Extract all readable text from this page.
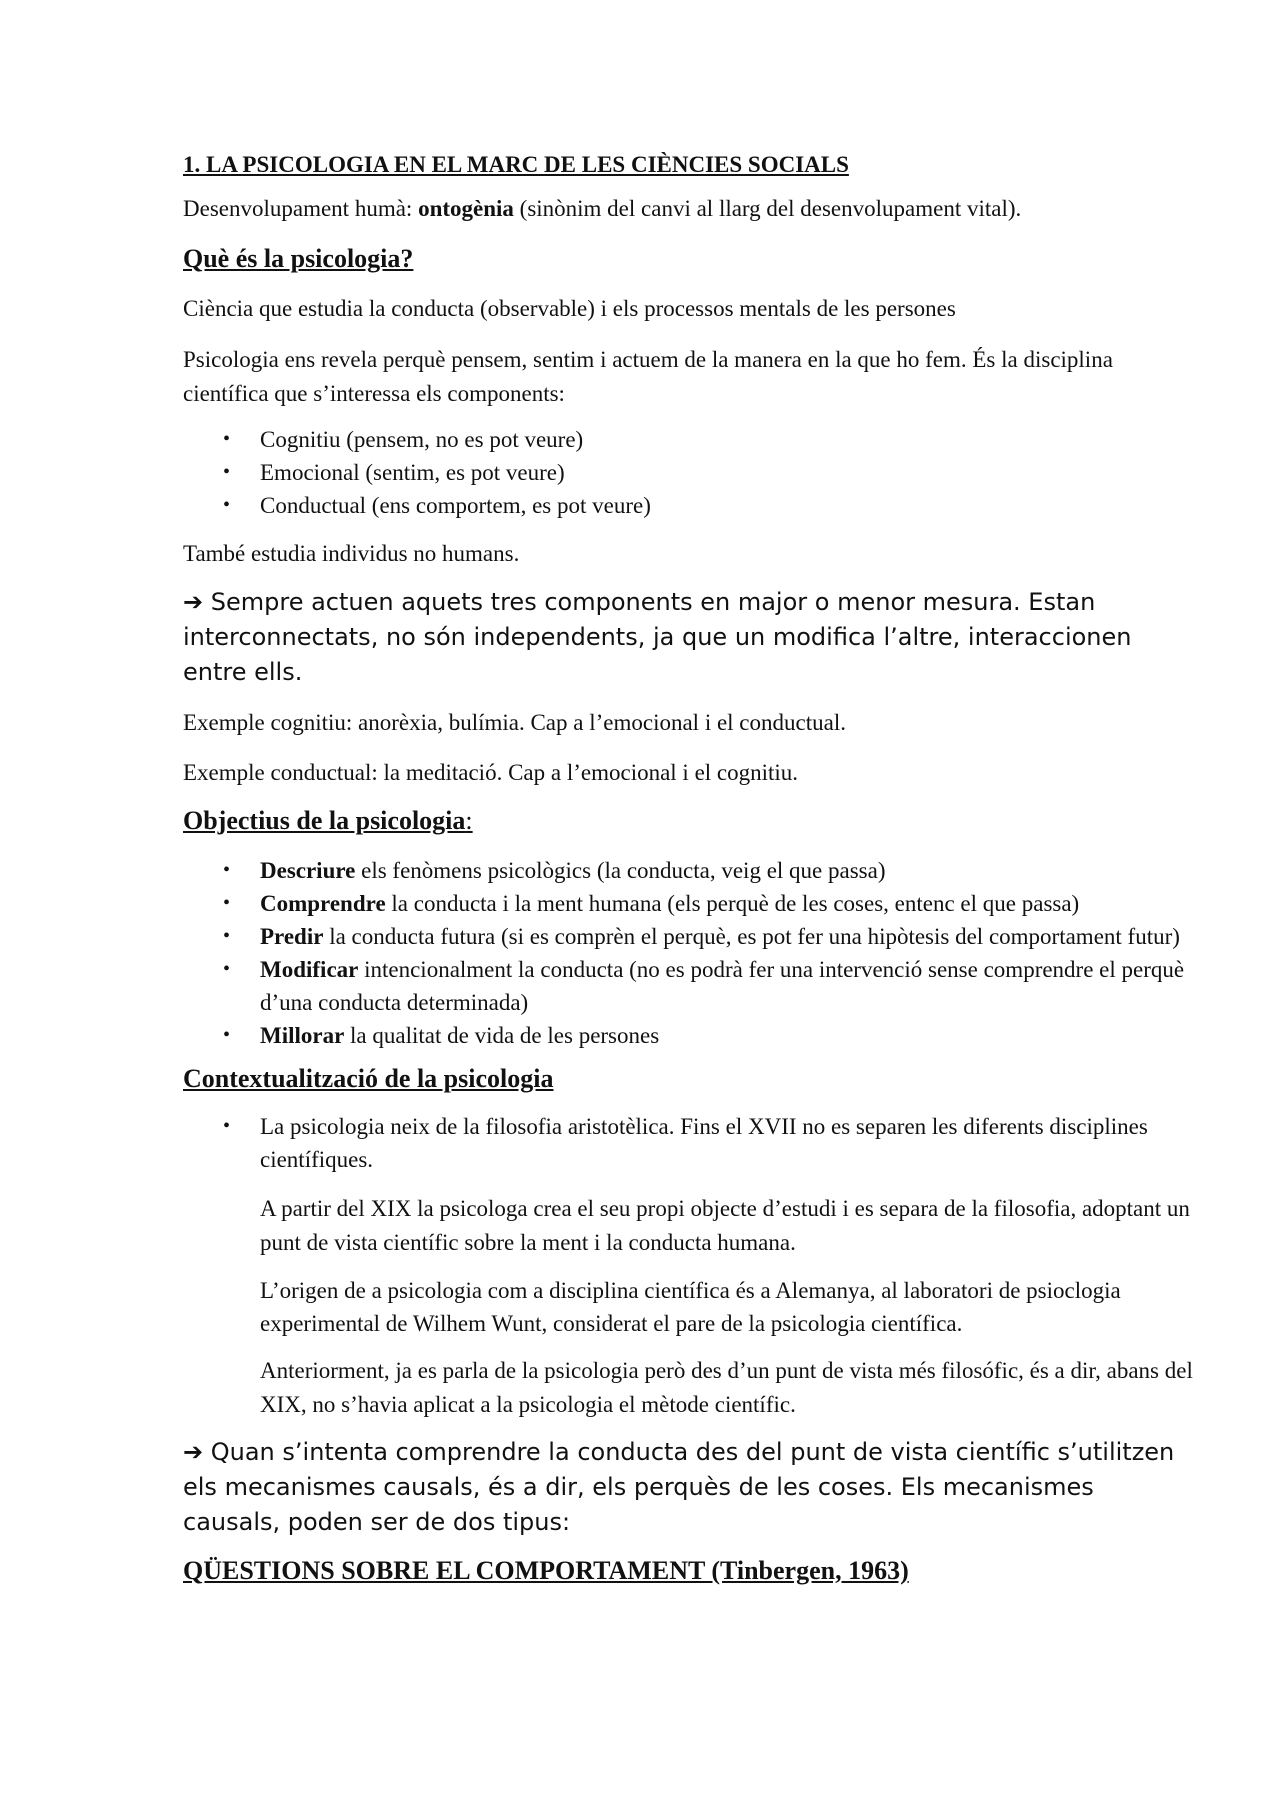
1. LA PSICOLOGIA EN EL MARC DE LES CIÈNCIES SOCIALS

Desenvolupament humà: ontogènia (sinònim del canvi al llarg del desenvolupament vital).

Què és la psicologia?

Ciència que estudia la conducta (observable) i els processos mentals de les persones

Psicologia ens revela perquè pensem, sentim i actuem de la manera en la que ho fem. És la disciplina científica que s’interessa els components:

• Cognitiu (pensem, no es pot veure)
• Emocional (sentim, es pot veure)
• Conductual (ens comportem, es pot veure)

També estudia individus no humans.

➔ Sempre actuen aquets tres components en major o menor mesura. Estan interconnectats, no són independents, ja que un modifica l’altre, interaccionen entre ells.

Exemple cognitiu: anorèxia, bulímia. Cap a l’emocional i el conductual.

Exemple conductual: la meditació. Cap a l’emocional i el cognitiu.

Objectius de la psicologia:

• Descriure els fenòmens psicològics (la conducta, veig el que passa)
• Comprendre la conducta i la ment humana (els perquè de les coses, entenc el que passa)
• Predir la conducta futura (si es comprèn el perquè, es pot fer una hipòtesis del comportament futur)
• Modificar intencionalment la conducta (no es podrà fer una intervenció sense comprendre el perquè d’una conducta determinada)
• Millorar la qualitat de vida de les persones

Contextualització de la psicologia

• La psicologia neix de la filosofia aristotèlica. Fins el XVII no es separen les diferents disciplines científiques.

A partir del XIX la psicologa crea el seu propi objecte d’estudi i es separa de la filosofia, adoptant un punt de vista científic sobre la ment i la conducta humana.

L’origen de a psicologia com a disciplina científica és a Alemanya, al laboratori de psioclogia experimental de Wilhem Wunt, considerat el pare de la psicologia científica.

Anteriorment, ja es parla de la psicologia però des d’un punt de vista més filosófic, és a dir, abans del XIX, no s’havia aplicat a la psicologia el mètode científic.

➔ Quan s’intenta comprendre la conducta des del punt de vista científic s’utilitzen els mecanismes causals, és a dir, els perquès de les coses. Els mecanismes causals, poden ser de dos tipus:

QÜESTIONS SOBRE EL COMPORTAMENT (Tinbergen, 1963)
